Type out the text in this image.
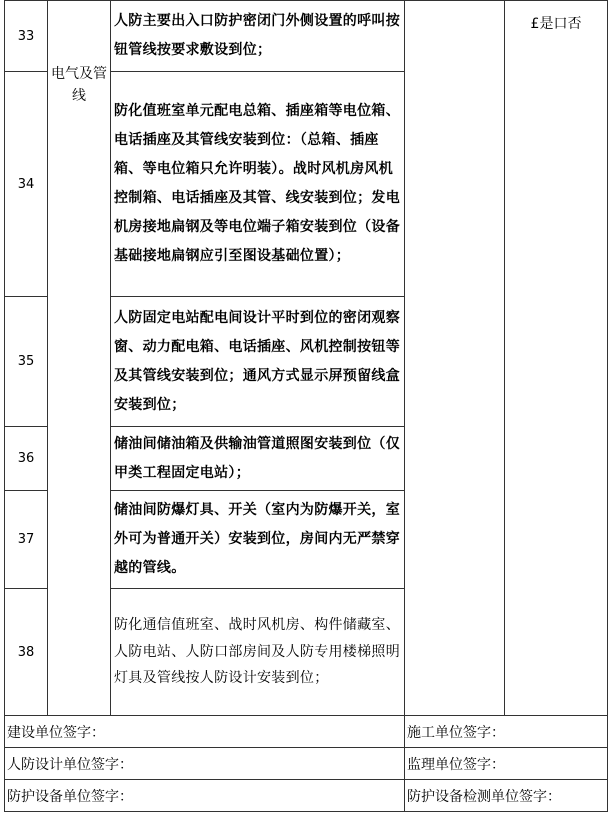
33	电气及管线	人防主要出入口防护密闭门外侧设置的呼叫按钮管线按要求敷设到位；		£是口否
34		防化值班室单元配电总箱、插座箱等电位箱、电话插座及其管线安装到位：（总箱、插座箱、等电位箱只允许明装）。战时风机房风机控制箱、电话插座及其管、线安装到位；发电机房接地扁钢及等电位端子箱安装到位（设备基础接地扁钢应引至图设基础位置）；		
35		人防固定电站配电间设计平时到位的密闭观察窗、动力配电箱、电话插座、风机控制按钮等及其管线安装到位；通风方式显示屏预留线盒安装到位；		
36		储油间储油箱及供输油管道照图安装到位（仅甲类工程固定电站）；		
37		储油间防爆灯具、开关（室内为防爆开关，室外可为普通开关）安装到位，房间内无严禁穿越的管线。		
38		防化通信值班室、战时风机房、构件储藏室、人防电站、人防口部房间及人防专用楼梯照明灯具及管线按人防设计安装到位；		
建设单位签字：			施工单位签字：	
人防设计单位签字：			监理单位签字：	
防护设备单位签字：			防护设备检测单位签字：	
